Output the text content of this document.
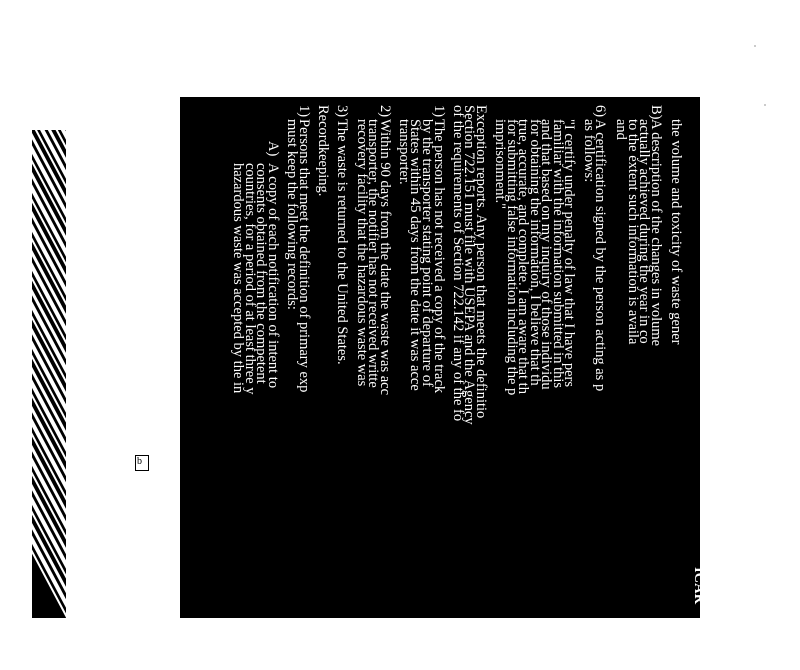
b
ICAR
the volume and toxicity of waste gener
B)
A description of the changes in volume
actually achieved during the year in co
to the extent such information is availa
and
6)
A certification signed by the person acting as p
as follows:
"I certify under penalty of law that I have pers
familiar with the information submitted in this
and that based on my inquiry of those individu
for obtaining the information, I believe that th
true, accurate, and complete. I am aware that th
for submitting false information including the p
imprisonment."
Exception reports. Any person that meets the definitio
Section 722.151 must file with USEPA and the Agency
of the requirements of Section 722.142 if any of the fo
1)
The person has not received a copy of the track
by the transporter stating point of departure of
States within 45 days from the date it was acce
transporter.
2)
Within 90 days from the date the waste was acc
transporter, the notifier has not received writte
recovery facility that the hazardous waste was
3)
The waste is returned to the United States.
Recordkeeping.
1)
Persons that meet the definition of primary exp
must keep the following records:
A)
A copy of each notification of intent to
consents obtained from the competent
countries, for a period of at least three y
hazardous waste was accepted by the in
